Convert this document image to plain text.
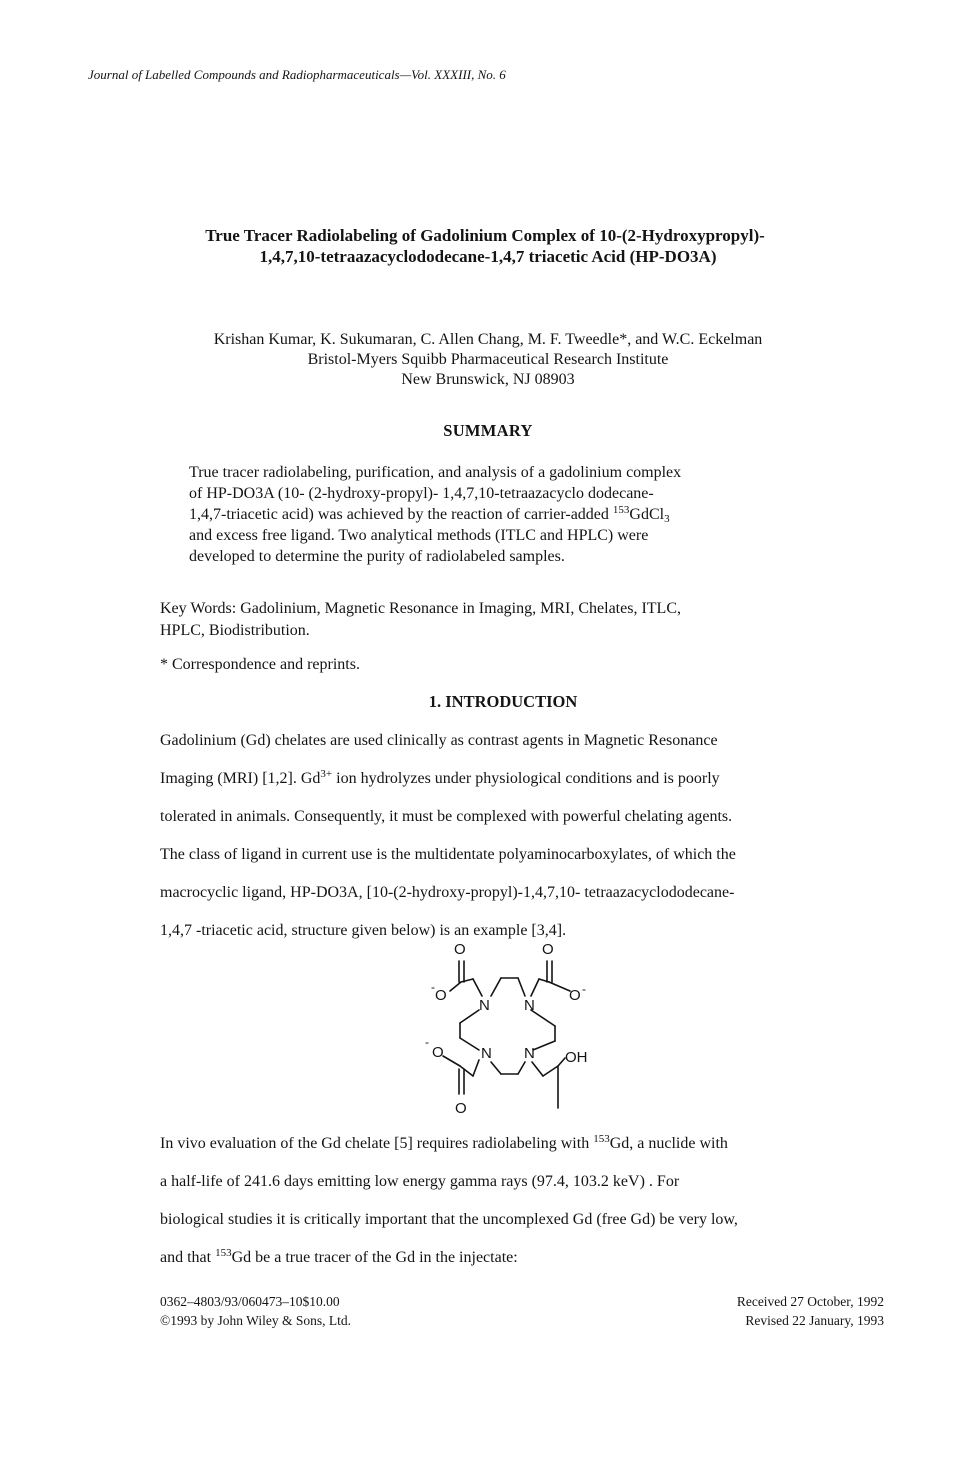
Journal of Labelled Compounds and Radiopharmaceuticals—Vol. XXXIII, No. 6
True Tracer Radiolabeling of Gadolinium Complex of 10-(2-Hydroxypropyl)-
1,4,7,10-tetraazacyclododecane-1,4,7 triacetic Acid (HP-DO3A)
Krishan Kumar, K. Sukumaran, C. Allen Chang, M. F. Tweedle*, and W.C. Eckelman
Bristol-Myers Squibb Pharmaceutical Research Institute
New Brunswick, NJ 08903
SUMMARY
True tracer radiolabeling, purification, and analysis of a gadolinium complex
of HP-DO3A (10- (2-hydroxy-propyl)- 1,4,7,10-tetraazacyclo dodecane-
1,4,7-triacetic acid) was achieved by the reaction of carrier-added $^{153}$GdCl$_3$
and excess free ligand. Two analytical methods (ITLC and HPLC) were
developed to determine the purity of radiolabeled samples.
Key Words: Gadolinium, Magnetic Resonance in Imaging, MRI, Chelates, ITLC,
HPLC, Biodistribution.
* Correspondence and reprints.
1. INTRODUCTION
Gadolinium (Gd) chelates are used clinically as contrast agents in Magnetic Resonance
Imaging (MRI) [1,2]. $Gd^{3+}$ ion hydrolyzes under physiological conditions and is poorly
tolerated in animals. Consequently, it must be complexed with powerful chelating agents.
The class of ligand in current use is the multidentate polyaminocarboxylates, of which the
macrocyclic ligand, HP-DO3A, [10-(2-hydroxy-propyl)-1,4,7,10- tetraazacyclododecane-
1,4,7 -triacetic acid, structure given below) is an example [3,4].
O	O
- O	O -
N N
N N
-
O	OH
O
In vivo evaluation of the Gd chelate [5] requires radiolabeling with $^{153}$Gd, a nuclide with
a half-life of 241.6 days emitting low energy gamma rays (97.4, 103.2 keV) . For
biological studies it is critically important that the uncomplexed Gd (free Gd) be very low,
and that $^{153}$Gd be a true tracer of the Gd in the injectate:
0362–4803/93/060473–10$10.00
©1993 by John Wiley & Sons, Ltd.
Received 27 October, 1992
Revised 22 January, 1993
